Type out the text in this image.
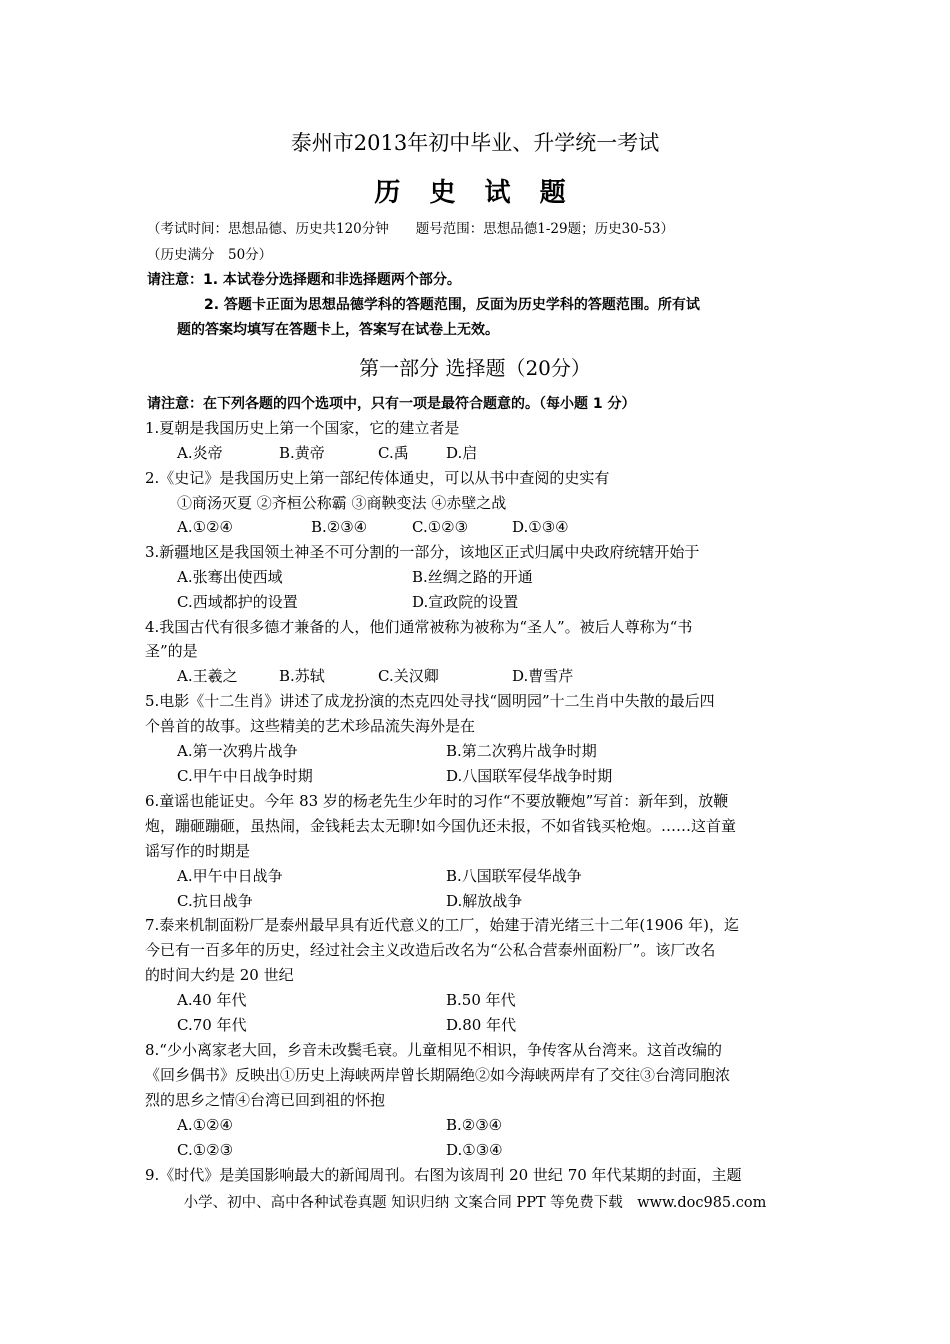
泰州市2013年初中毕业、升学统一考试
历 史 试 题
（考试时间：思想品德、历史共120分钟　　题号范围：思想品德1-29题；历史30-53）
（历史满分　50分）
请注意：1. 本试卷分选择题和非选择题两个部分。
2. 答题卡正面为思想品德学科的答题范围，反面为历史学科的答题范围。所有试
题的答案均填写在答题卡上，答案写在试卷上无效。
第一部分 选择题（20分）
请注意：在下列各题的四个选项中，只有一项是最符合题意的。（每小题 1 分）
1.夏朝是我国历史上第一个国家，它的建立者是
A.炎帝	B.黄帝	C.禹 D.启
2.《史记》是我国历史上第一部纪传体通史，可以从书中查阅的史实有
①商汤灭夏 ②齐桓公称霸 ③商鞅变法 ④赤壁之战
A.①②④	B.②③④	C.①②③	D.①③④
3.新疆地区是我国领土神圣不可分割的一部分，该地区正式归属中央政府统辖开始于
A.张骞出使西域	B.丝绸之路的开通
C.西域都护的设置	D.宣政院的设置
4.我国古代有很多德才兼备的人，他们通常被称为被称为“圣人”。被后人尊称为“书
圣”的是
A.王羲之	B.苏轼	C.关汉卿	D.曹雪芹
5.电影《十二生肖》讲述了成龙扮演的杰克四处寻找“圆明园”十二生肖中失散的最后四
个兽首的故事。这些精美的艺术珍品流失海外是在
A.第一次鸦片战争	B.第二次鸦片战争时期
C.甲午中日战争时期	D.八国联军侵华战争时期
6.童谣也能证史。今年 83 岁的杨老先生少年时的习作“不要放鞭炮”写首：新年到，放鞭
炮，蹦砸蹦砸，虽热闹，金钱耗去太无聊!如今国仇还未报，不如省钱买枪炮。……这首童
谣写作的时期是
A.甲午中日战争	B.八国联军侵华战争
C.抗日战争	D.解放战争
7.泰来机制面粉厂是泰州最早具有近代意义的工厂，始建于清光绪三十二年(1906 年)，迄
今已有一百多年的历史，经过社会主义改造后改名为“公私合营泰州面粉厂”。该厂改名
的时间大约是 20 世纪
A.40 年代	B.50 年代
C.70 年代	D.80 年代
8.“少小离家老大回，乡音未改鬓毛衰。儿童相见不相识，争传客从台湾来。这首改编的
《回乡偶书》反映出①历史上海峡两岸曾长期隔绝②如今海峡两岸有了交往③台湾同胞浓
烈的思乡之情④台湾已回到祖的怀抱
A.①②④	B.②③④
C.①②③	D.①③④
9.《时代》是美国影响最大的新闻周刊。右图为该周刊 20 世纪 70 年代某期的封面，主题
小学、初中、高中各种试卷真题 知识归纳 文案合同 PPT 等免费下载　www.doc985.com
